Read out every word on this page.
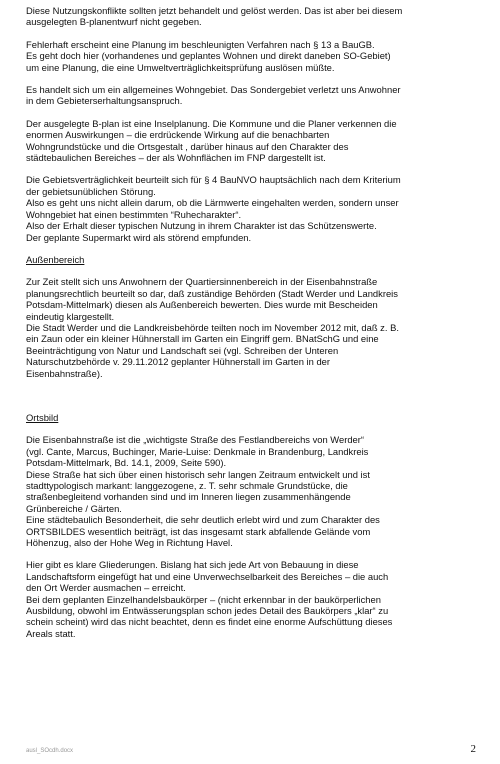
Diese Nutzungskonflikte sollten jetzt behandelt und gelöst werden. Das ist aber bei diesem
ausgelegten B-planentwurf nicht gegeben.

Fehlerhaft erscheint eine Planung im beschleunigten Verfahren nach § 13 a BauGB.
Es geht doch hier (vorhandenes und geplantes Wohnen und direkt daneben SO-Gebiet)
um eine Planung, die eine Umweltverträglichkeitsprüfung auslösen müßte.

Es handelt sich um ein allgemeines Wohngebiet. Das Sondergebiet verletzt uns Anwohner
in dem Gebieterserhaltungsanspruch.

Der ausgelegte B-plan ist eine Inselplanung. Die Kommune und die Planer verkennen die
enormen Auswirkungen – die erdrückende Wirkung auf die benachbarten
Wohngrundstücke und die Ortsgestalt , darüber hinaus auf den Charakter des
städtebaulichen Bereiches – der als Wohnflächen im FNP dargestellt ist.

Die Gebietsverträglichkeit beurteilt sich für § 4 BauNVO hauptsächlich nach dem Kriterium
der gebietsunüblichen Störung.
Also es geht uns nicht allein darum, ob die Lärmwerte eingehalten werden, sondern unser
Wohngebiet hat einen bestimmten “Ruhecharakter“.
Also der Erhalt dieser typischen Nutzung in ihrem Charakter ist das Schützenswerte.
Der geplante Supermarkt wird als störend empfunden.

Außenbereich

Zur Zeit stellt sich uns Anwohnern der Quartiersinnenbereich in der Eisenbahnstraße
planungsrechtlich beurteilt so dar, daß zuständige Behörden (Stadt Werder und Landkreis
Potsdam-Mittelmark) diesen als Außenbereich bewerten. Dies wurde mit Bescheiden
eindeutig klargestellt.
Die Stadt Werder und die Landkreisbehörde teilten noch im November 2012 mit, daß z. B.
ein Zaun oder ein kleiner Hühnerstall im Garten ein Eingriff gem. BNatSchG und eine
Beeinträchtigung von Natur und Landschaft sei (vgl. Schreiben der Unteren
Naturschutzbehörde v. 29.11.2012 geplanter Hühnerstall im Garten in der
Eisenbahnstraße).

Ortsbild

Die Eisenbahnstraße ist die „wichtigste Straße des Festlandbereichs von Werder“
(vgl. Cante, Marcus, Buchinger, Marie-Luise: Denkmale in Brandenburg, Landkreis
Potsdam-Mittelmark, Bd. 14.1, 2009, Seite 590).
Diese Straße hat sich über einen historisch sehr langen Zeitraum entwickelt und ist
stadttypologisch markant: langgezogene, z. T. sehr schmale Grundstücke, die
straßenbegleitend vorhanden sind und im Inneren liegen zusammenhängende
Grünbereiche / Gärten.
Eine städtebaulich Besonderheit, die sehr deutlich erlebt wird und zum Charakter des
ORTSBILDES wesentlich beiträgt, ist das insgesamt stark abfallende Gelände vom
Höhenzug, also der Hohe Weg in Richtung Havel.

Hier gibt es klare Gliederungen. Bislang hat sich jede Art von Bebauung in diese
Landschaftsform eingefügt hat und eine Unverwechselbarkeit des Bereiches – die auch
den Ort Werder ausmachen – erreicht.
Bei dem geplanten Einzelhandelsbaukörper – (nicht erkennbar in der baukörperlichen
Ausbildung, obwohl im Entwässerungsplan schon jedes Detail des Baukörpers „klar“ zu
schein scheint) wird das nicht beachtet, denn es findet eine enorme Aufschüttung dieses
Areals statt.

ausl_SOcdh.docx	2
